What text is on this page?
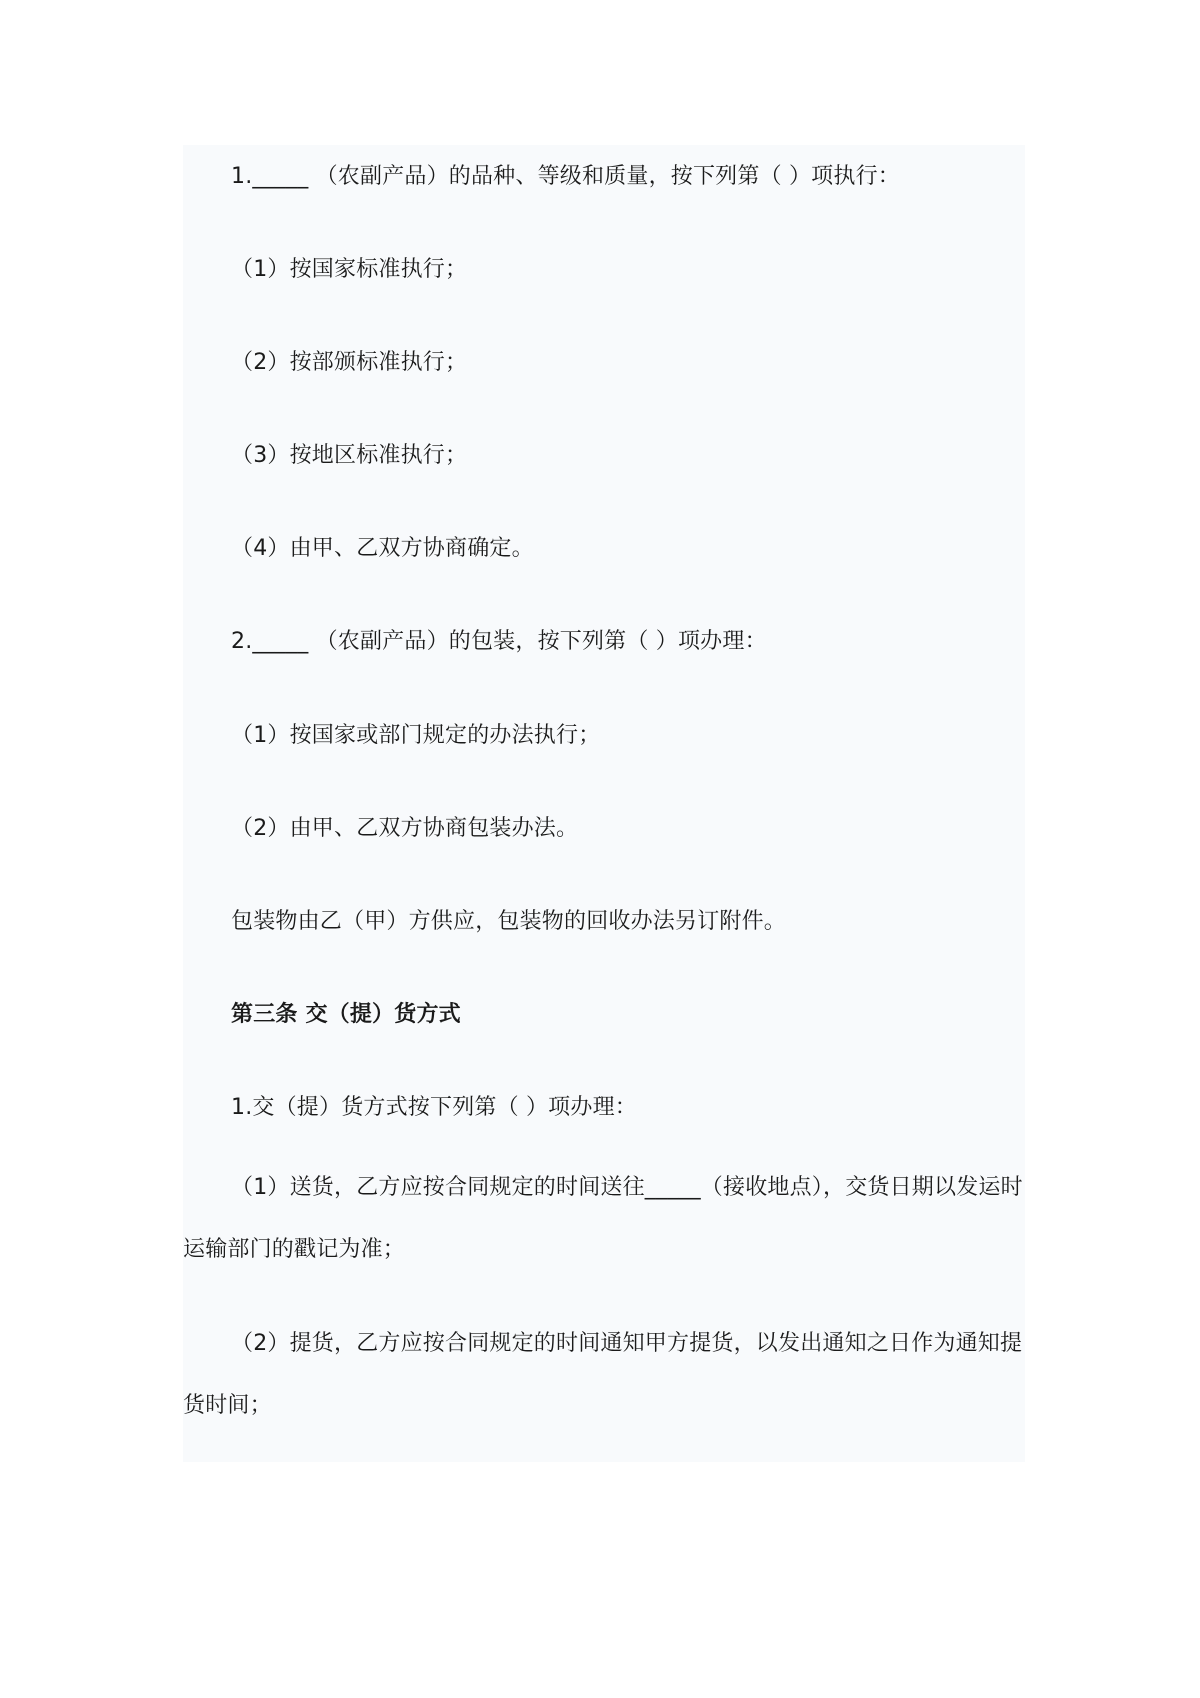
1._____ （农副产品）的品种、等级和质量，按下列第（ ）项执行：
（1）按国家标准执行；
（2）按部颁标准执行；
（3）按地区标准执行；
（4）由甲、乙双方协商确定。
2._____ （农副产品）的包装，按下列第（ ）项办理：
（1）按国家或部门规定的办法执行；
（2）由甲、乙双方协商包装办法。
包装物由乙（甲）方供应，包装物的回收办法另订附件。
第三条 交（提）货方式
1.交（提）货方式按下列第（ ）项办理：
（1）送货，乙方应按合同规定的时间送往_____（接收地点），交货日期以发运时运输部门的戳记为准；
（2）提货，乙方应按合同规定的时间通知甲方提货，以发出通知之日作为通知提货时间；
